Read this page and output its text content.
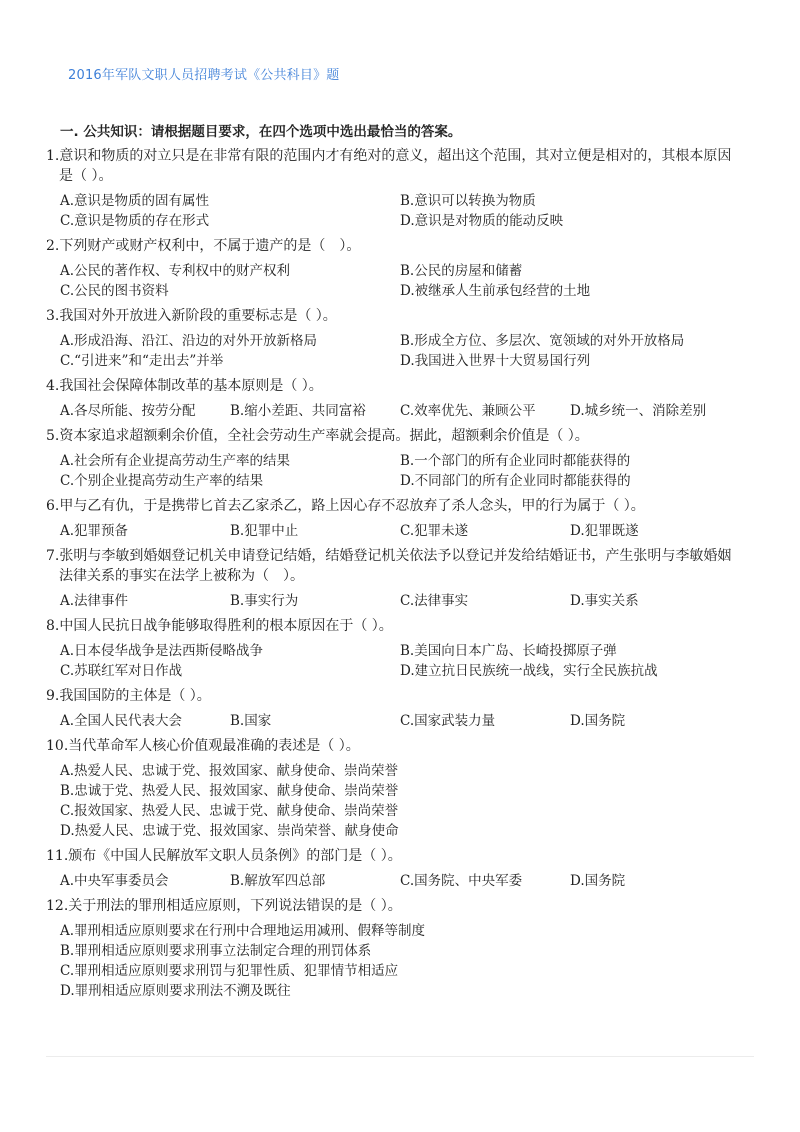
2016年军队文职人员招聘考试《公共科目》题
一. 公共知识：请根据题目要求，在四个选项中选出最恰当的答案。
1.意识和物质的对立只是在非常有限的范围内才有绝对的意义，超出这个范围，其对立便是相对的，其根本原因
是（ ）。
A.意识是物质的固有属性	B.意识可以转换为物质
C.意识是物质的存在形式	D.意识是对物质的能动反映
2.下列财产或财产权利中，不属于遗产的是（　）。
A.公民的著作权、专利权中的财产权利	B.公民的房屋和储蓄
C.公民的图书资料	D.被继承人生前承包经营的土地
3.我国对外开放进入新阶段的重要标志是（ ）。
A.形成沿海、沿江、沿边的对外开放新格局	B.形成全方位、多层次、宽领域的对外开放格局
C.“引进来”和“走出去”并举	D.我国进入世界十大贸易国行列
4.我国社会保障体制改革的基本原则是（ ）。
A.各尽所能、按劳分配	B.缩小差距、共同富裕	C.效率优先、兼顾公平	D.城乡统一、消除差别
5.资本家追求超额剩余价值，全社会劳动生产率就会提高。据此，超额剩余价值是（ ）。
A.社会所有企业提高劳动生产率的结果	B.一个部门的所有企业同时都能获得的
C.个别企业提高劳动生产率的结果	D.不同部门的所有企业同时都能获得的
6.甲与乙有仇，于是携带匕首去乙家杀乙，路上因心存不忍放弃了杀人念头，甲的行为属于（ ）。
A.犯罪预备	B.犯罪中止	C.犯罪未遂	D.犯罪既遂
7.张明与李敏到婚姻登记机关申请登记结婚，结婚登记机关依法予以登记并发给结婚证书，产生张明与李敏婚姻
法律关系的事实在法学上被称为（　）。
A.法律事件	B.事实行为	C.法律事实	D.事实关系
8.中国人民抗日战争能够取得胜利的根本原因在于（ ）。
A.日本侵华战争是法西斯侵略战争	B.美国向日本广岛、长崎投掷原子弹
C.苏联红军对日作战	D.建立抗日民族统一战线，实行全民族抗战
9.我国国防的主体是（ ）。
A.全国人民代表大会	B.国家	C.国家武装力量	D.国务院
10.当代革命军人核心价值观最准确的表述是（ ）。
A.热爱人民、忠诚于党、报效国家、献身使命、崇尚荣誉
B.忠诚于党、热爱人民、报效国家、献身使命、崇尚荣誉
C.报效国家、热爱人民、忠诚于党、献身使命、崇尚荣誉
D.热爱人民、忠诚于党、报效国家、崇尚荣誉、献身使命
11.颁布《中国人民解放军文职人员条例》的部门是（ ）。
A.中央军事委员会	B.解放军四总部	C.国务院、中央军委	D.国务院
12.关于刑法的罪刑相适应原则，下列说法错误的是（ ）。
A.罪刑相适应原则要求在行刑中合理地运用减刑、假释等制度
B.罪刑相适应原则要求刑事立法制定合理的刑罚体系
C.罪刑相适应原则要求刑罚与犯罪性质、犯罪情节相适应
D.罪刑相适应原则要求刑法不溯及既往
